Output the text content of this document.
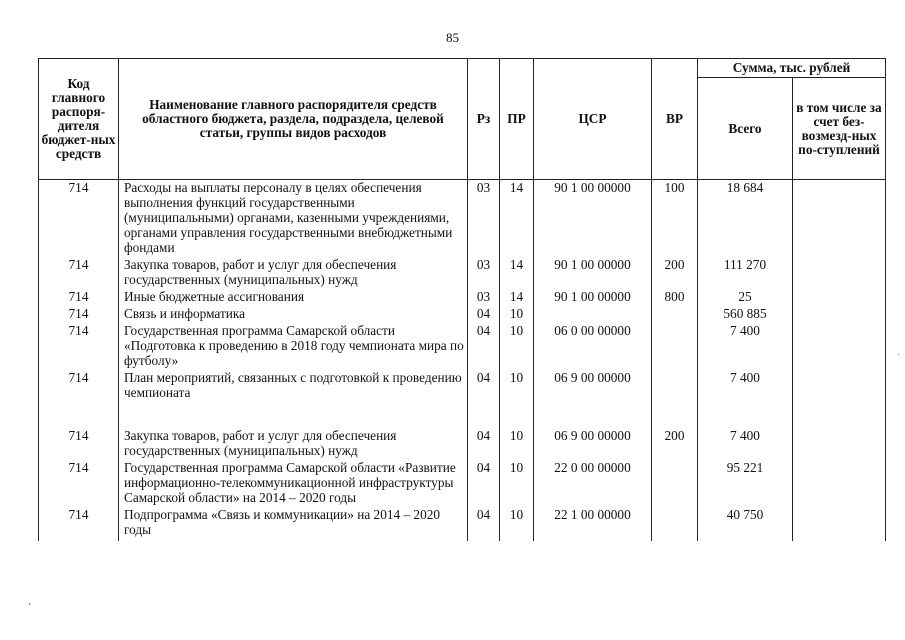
85
Код главного распоря-дителя бюджет-ных средств	Наименование главного распорядителя средств областного бюджета, раздела, подраздела, целевой статьи, группы видов расходов	Рз	ПР	ЦСР	ВР	Сумма, тыс. рублей	
						Всего	в том числе за счет без-возмезд-ных по-ступлений
714	Расходы на выплаты персоналу в целях обеспечения выполнения функций государственными (муниципальными) органами, казенными учреждениями, органами управления государственными внебюджетными фондами	03	14	90 1 00 00000	100	18 684	
714	Закупка товаров, работ и услуг для обеспечения государственных (муниципальных) нужд	03	14	90 1 00 00000	200	111 270	
714	Иные бюджетные ассигнования	03	14	90 1 00 00000	800	25	
714	Связь и информатика	04	10			560 885	
714	Государственная программа Самарской области «Подготовка к проведению в 2018 году чемпионата мира по футболу»	04	10	06 0 00 00000		7 400	
714	План мероприятий, связанных с подготовкой к проведению чемпионата	04	10	06 9 00 00000		7 400	
714	Закупка товаров, работ и услуг для обеспечения государственных (муниципальных) нужд	04	10	06 9 00 00000	200	7 400	
714	Государственная программа Самарской области «Развитие информационно-телекоммуникационной инфраструктуры Самарской области» на 2014 – 2020 годы	04	10	22 0 00 00000		95 221	
714	Подпрограмма «Связь и коммуникации» на 2014 – 2020 годы	04	10	22 1 00 00000		40 750	
،
·
